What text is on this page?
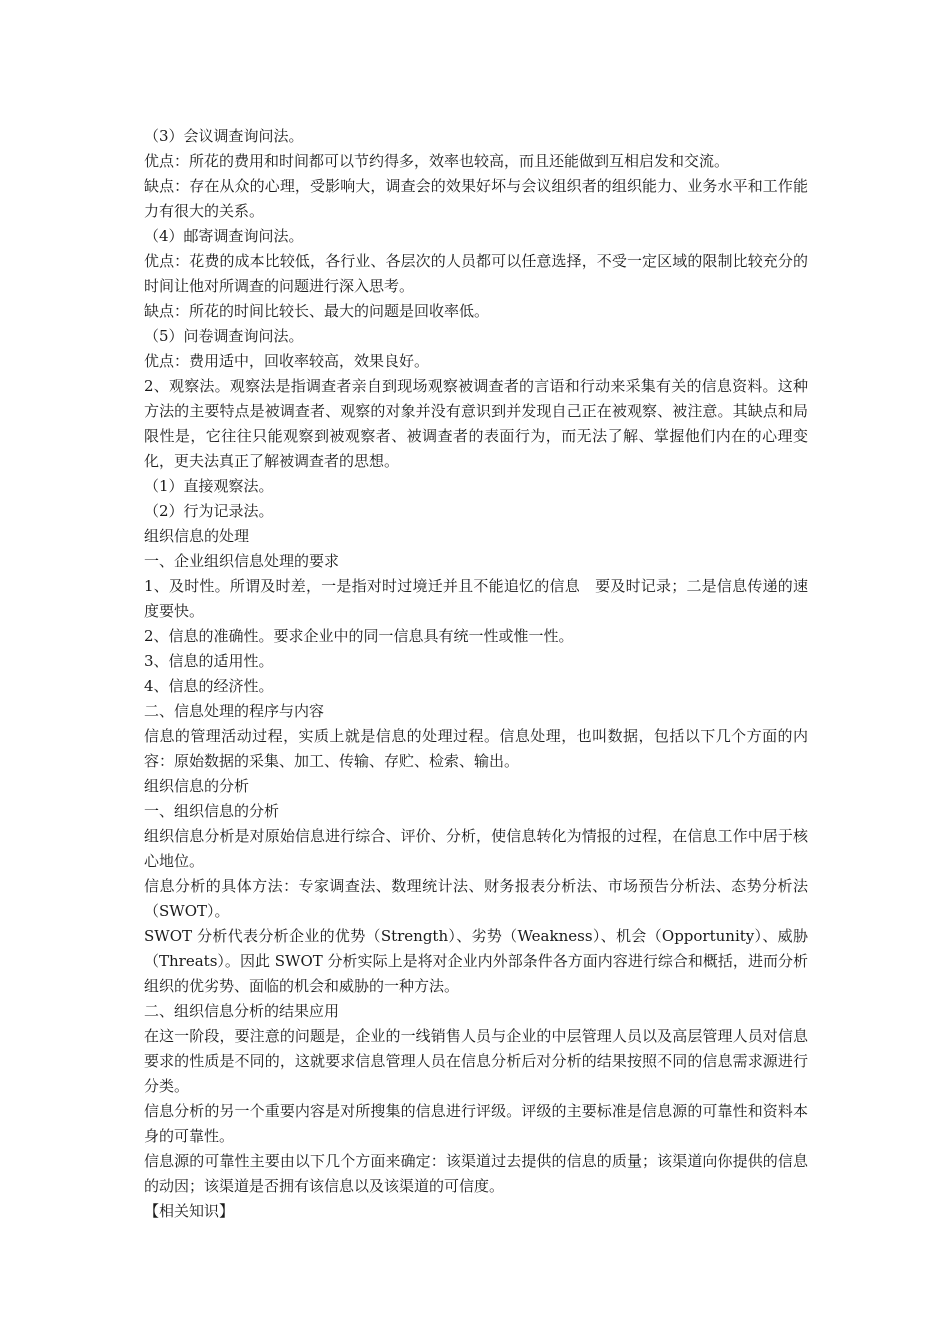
（3）会议调查询问法。

优点：所花的费用和时间都可以节约得多，效率也较高，而且还能做到互相启发和交流。

缺点：存在从众的心理，受影响大，调查会的效果好坏与会议组织者的组织能力、业务水平和工作能力有很大的关系。

（4）邮寄调查询问法。

优点：花费的成本比较低，各行业、各层次的人员都可以任意选择，不受一定区域的限制比较充分的时间让他对所调查的问题进行深入思考。

缺点：所花的时间比较长、最大的问题是回收率低。

（5）问卷调查询问法。

优点：费用适中，回收率较高，效果良好。

2、观察法。观察法是指调查者亲自到现场观察被调查者的言语和行动来采集有关的信息资料。这种方法的主要特点是被调查者、观察的对象并没有意识到并发现自己正在被观察、被注意。其缺点和局限性是，它往往只能观察到被观察者、被调查者的表面行为，而无法了解、掌握他们内在的心理变化，更夫法真正了解被调查者的思想。

（1）直接观察法。

（2）行为记录法。

组织信息的处理

一、企业组织信息处理的要求

1、及时性。所谓及时差，一是指对时过境迁并且不能追忆的信息　要及时记录；二是信息传递的速度要快。

2、信息的准确性。要求企业中的同一信息具有统一性或惟一性。

3、信息的适用性。

4、信息的经济性。

二、信息处理的程序与内容

信息的管理活动过程，实质上就是信息的处理过程。信息处理，也叫数据，包括以下几个方面的内容：原始数据的采集、加工、传输、存贮、检索、输出。

组织信息的分析

一、组织信息的分析

组织信息分析是对原始信息进行综合、评价、分析，使信息转化为情报的过程，在信息工作中居于核心地位。

信息分析的具体方法：专家调查法、数理统计法、财务报表分析法、市场预告分析法、态势分析法（SWOT）。

SWOT 分析代表分析企业的优势（Strength）、劣势（Weakness）、机会（Opportunity）、威胁（Threats）。因此 SWOT 分析实际上是将对企业内外部条件各方面内容进行综合和概括，进而分析组织的优劣势、面临的机会和威胁的一种方法。

二、组织信息分析的结果应用

在这一阶段，要注意的问题是，企业的一线销售人员与企业的中层管理人员以及高层管理人员对信息要求的性质是不同的，这就要求信息管理人员在信息分析后对分析的结果按照不同的信息需求源进行分类。

信息分析的另一个重要内容是对所搜集的信息进行评级。评级的主要标准是信息源的可靠性和资料本身的可靠性。

信息源的可靠性主要由以下几个方面来确定：该渠道过去提供的信息的质量；该渠道向你提供的信息的动因；该渠道是否拥有该信息以及该渠道的可信度。

【相关知识】
